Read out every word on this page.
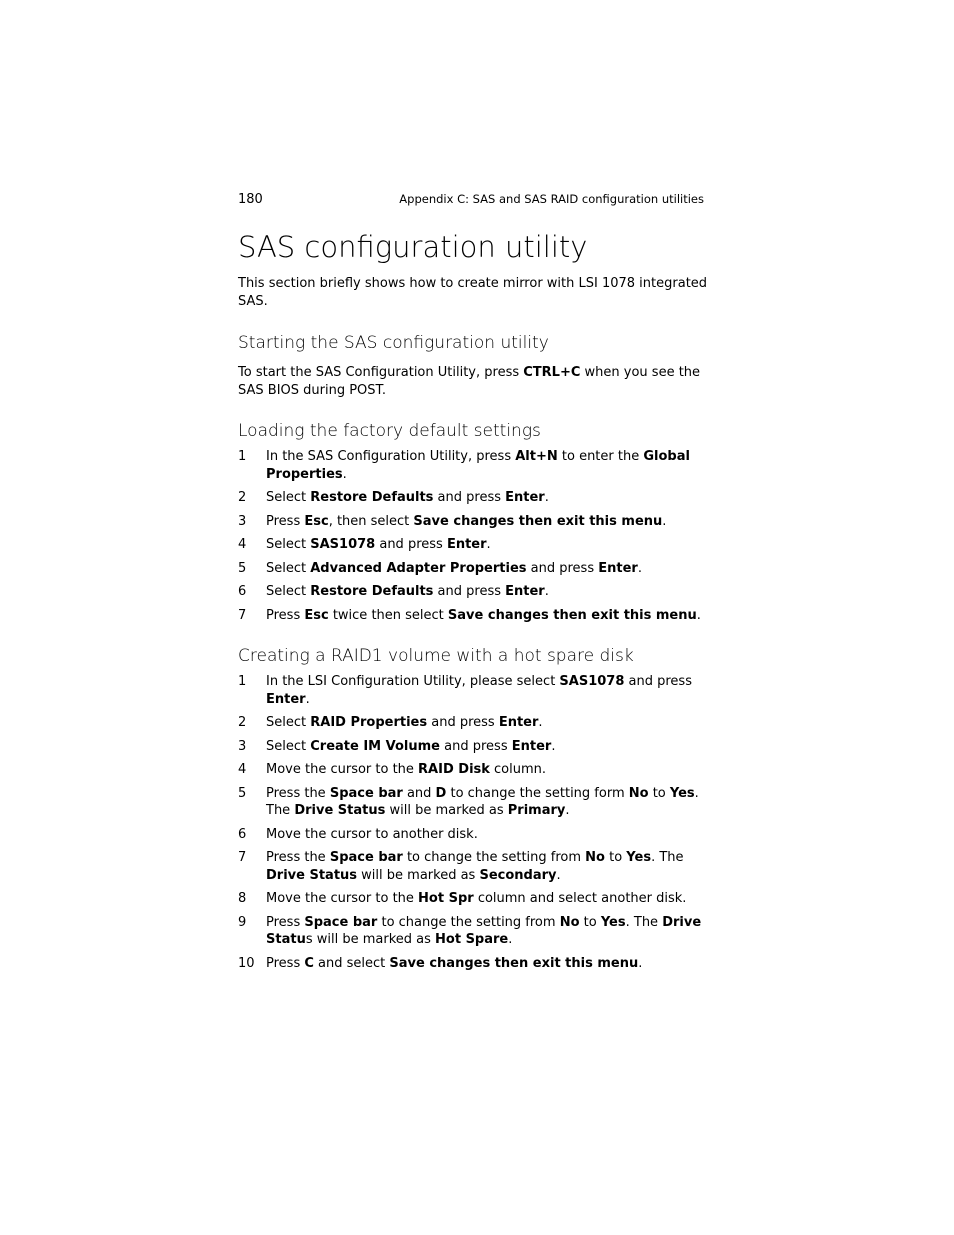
180	Appendix C: SAS and SAS RAID configuration utilities
SAS configuration utility

This section briefly shows how to create mirror with LSI 1078 integrated SAS.

Starting the SAS configuration utility

To start the SAS Configuration Utility, press CTRL+C when you see the SAS BIOS during POST.

Loading the factory default settings
1 In the SAS Configuration Utility, press Alt+N to enter the Global Properties.
2 Select Restore Defaults and press Enter.
3 Press Esc, then select Save changes then exit this menu.
4 Select SAS1078 and press Enter.
5 Select Advanced Adapter Properties and press Enter.
6 Select Restore Defaults and press Enter.
7 Press Esc twice then select Save changes then exit this menu.
Creating a RAID1 volume with a hot spare disk
1 In the LSI Configuration Utility, please select SAS1078 and press Enter.
2 Select RAID Properties and press Enter.
3 Select Create IM Volume and press Enter.
4 Move the cursor to the RAID Disk column.
5 Press the Space bar and D to change the setting form No to Yes. The Drive Status will be marked as Primary.
6 Move the cursor to another disk.
7 Press the Space bar to change the setting from No to Yes. The Drive Status will be marked as Secondary.
8 Move the cursor to the Hot Spr column and select another disk.
9 Press Space bar to change the setting from No to Yes. The Drive Status will be marked as Hot Spare.
10 Press C and select Save changes then exit this menu.
